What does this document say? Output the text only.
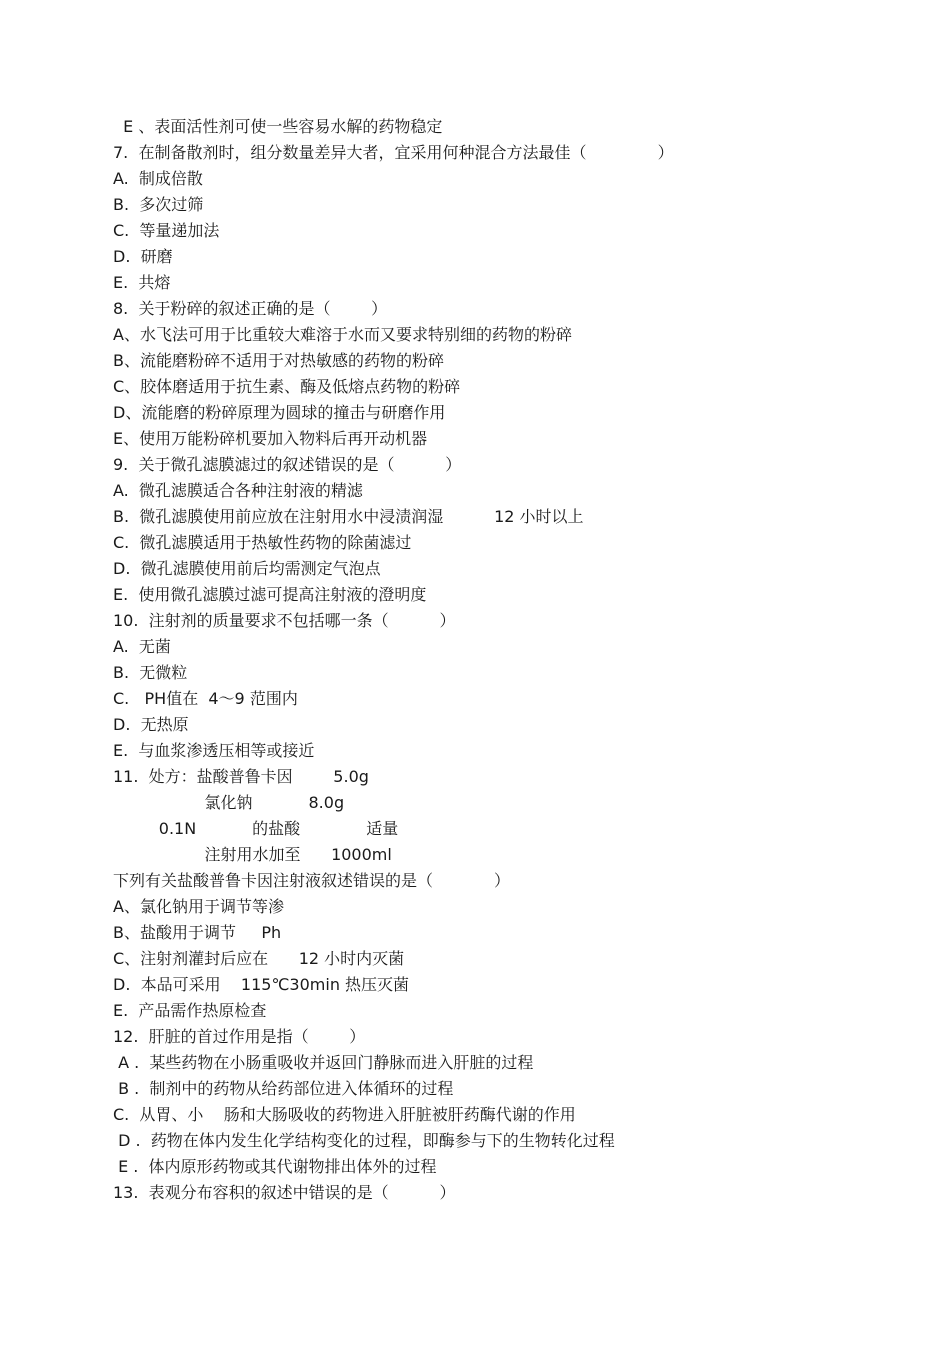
E 、表面活性剂可使一些容易水解的药物稳定
7.  在制备散剂时，组分数量差异大者，宜采用何种混合方法最佳（              ）
A.  制成倍散
B.  多次过筛
C.  等量递加法
D.  研磨
E.  共熔
8.  关于粉碎的叙述正确的是（        ）
A、水飞法可用于比重较大难溶于水而又要求特别细的药物的粉碎
B、流能磨粉碎不适用于对热敏感的药物的粉碎
C、胶体磨适用于抗生素、酶及低熔点药物的粉碎
D、流能磨的粉碎原理为圆球的撞击与研磨作用
E、使用万能粉碎机要加入物料后再开动机器
9.  关于微孔滤膜滤过的叙述错误的是（          ）
A.  微孔滤膜适合各种注射液的精滤
B.  微孔滤膜使用前应放在注射用水中浸渍润湿          12 小时以上
C.  微孔滤膜适用于热敏性药物的除菌滤过
D.  微孔滤膜使用前后均需测定气泡点
E.  使用微孔滤膜过滤可提高注射液的澄明度
10.  注射剂的质量要求不包括哪一条（          ）
A.  无菌
B.  无微粒
C.   PH值在  4～9 范围内
D.  无热原
E.  与血浆渗透压相等或接近
11.  处方：盐酸普鲁卡因        5.0g
氯化钠           8.0g
0.1N           的盐酸             适量
注射用水加至      1000ml
下列有关盐酸普鲁卡因注射液叙述错误的是（            ）
A、氯化钠用于调节等渗
B、盐酸用于调节     Ph
C、注射剂灌封后应在      12 小时内灭菌
D.  本品可采用    115℃30min 热压灭菌
E.  产品需作热原检查
12.  肝脏的首过作用是指（        ）
A .  某些药物在小肠重吸收并返回门静脉而进入肝脏的过程
B .  制剂中的药物从给药部位进入体循环的过程
C.  从胃、小    肠和大肠吸收的药物进入肝脏被肝药酶代谢的作用
D .  药物在体内发生化学结构变化的过程，即酶参与下的生物转化过程
E .  体内原形药物或其代谢物排出体外的过程
13.  表观分布容积的叙述中错误的是（          ）
